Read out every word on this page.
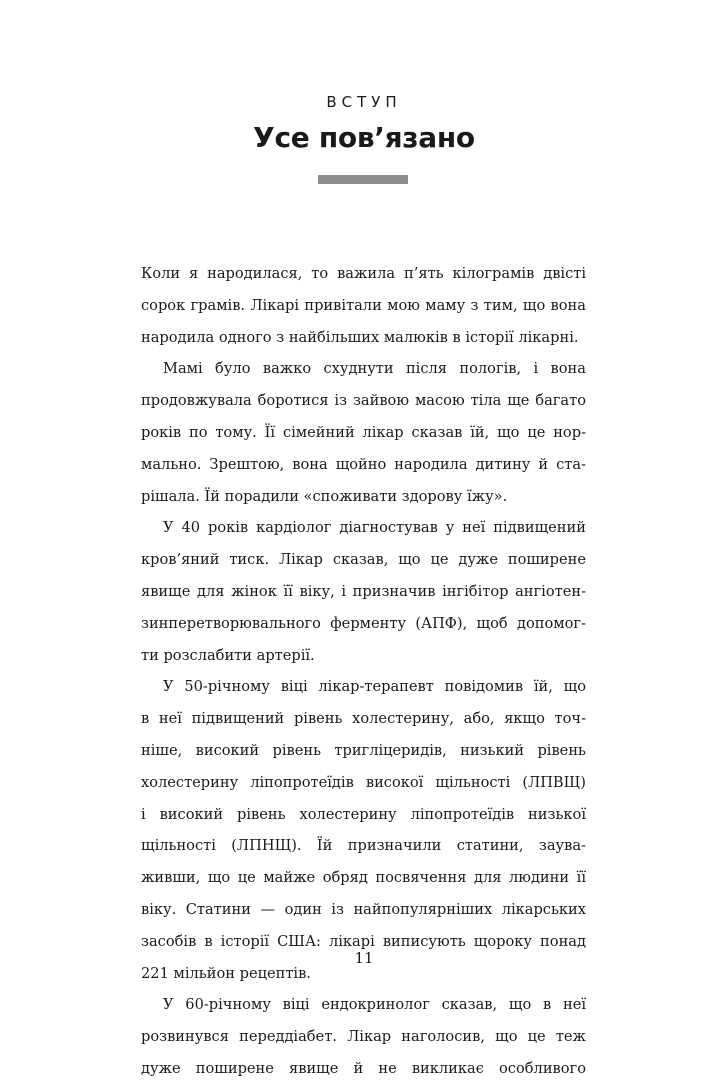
ВСТУП
Усе пов’язано

Коли я народилася, то важила п’ять кілограмів двісті
сорок грамів. Лікарі привітали мою маму з тим, що вона
народила одного з найбільших малюків в історії лікарні.

Мамі було важко схуднути після пологів, і вона
продовжувала боротися із зайвою масою тіла ще багато
років по тому. Її сімейний лікар сказав їй, що це нор-
мально. Зрештою, вона щойно народила дитину й ста-
рішала. Їй порадили «споживати здорову їжу».

У 40 років кардіолог діагностував у неї підвищений
кров’яний тиск. Лікар сказав, що це дуже поширене
явище для жінок її віку, і призначив інгібітор ангіотен-
зинперетворювального ферменту (АПФ), щоб допомог-
ти розслабити артерії.

У 50-річному віці лікар-терапевт повідомив їй, що
в неї підвищений рівень холестерину, або, якщо точ-
ніше, високий рівень тригліцеридів, низький рівень
холестерину ліпопротеїдів високої щільності (ЛПВЩ)
і високий рівень холестерину ліпопротеїдів низької
щільності (ЛПНЩ). Їй призначили статини, заува-
живши, що це майже обряд посвячення для людини її
віку. Статини — один із найпопулярніших лікарських
засобів в історії США: лікарі виписують щороку понад
221 мільйон рецептів.

У 60-річному віці ендокринолог сказав, що в неї
розвинувся переддіабет. Лікар наголосив, що це теж
дуже поширене явище й не викликає особливого

11
